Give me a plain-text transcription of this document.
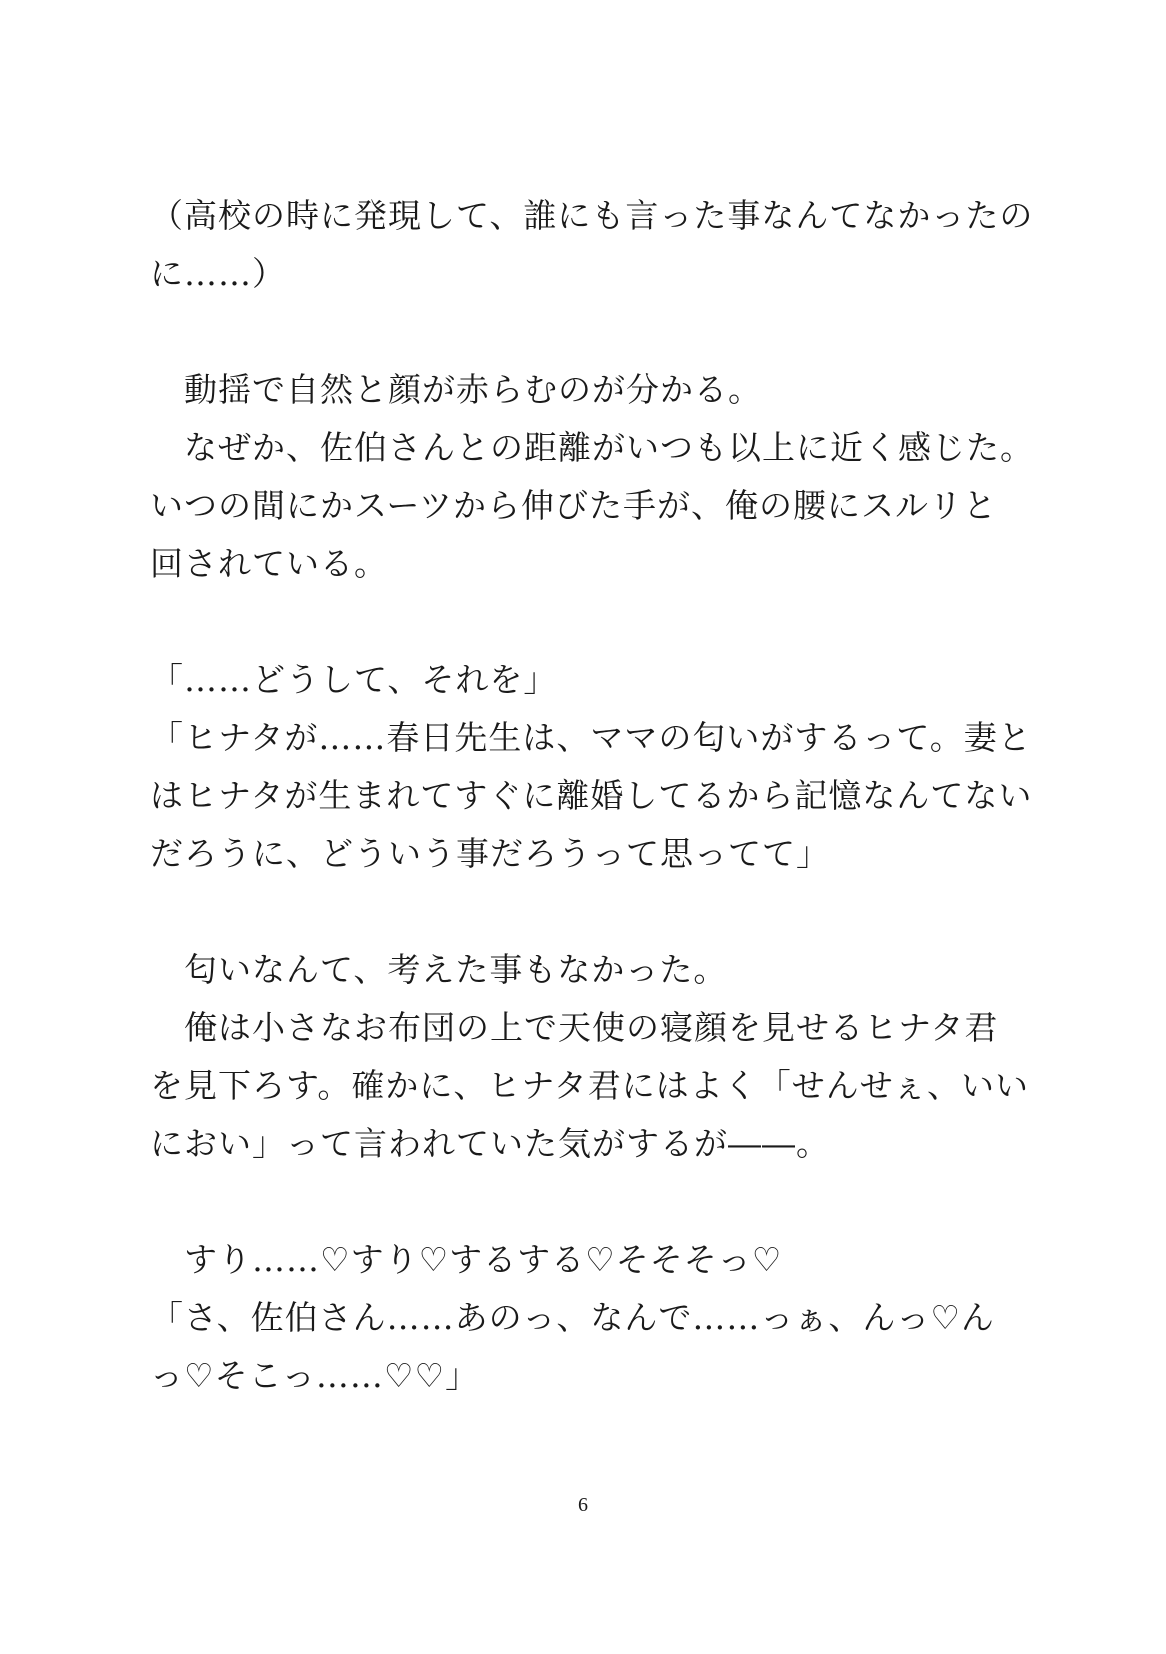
（高校の時に発現して、誰にも言った事なんてなかったの
に……）
　動揺で自然と顔が赤らむのが分かる。
　なぜか、佐伯さんとの距離がいつも以上に近く感じた。
いつの間にかスーツから伸びた手が、俺の腰にスルリと
回されている。
「……どうして、それを」
「ヒナタが……春日先生は、ママの匂いがするって。妻と
はヒナタが生まれてすぐに離婚してるから記憶なんてない
だろうに、どういう事だろうって思ってて」
　匂いなんて、考えた事もなかった。
　俺は小さなお布団の上で天使の寝顔を見せるヒナタ君
を見下ろす。確かに、ヒナタ君にはよく「せんせぇ、いい
におい」って言われていた気がするが――。
　すり……♡すり♡するする♡そそそっ♡
「さ、佐伯さん……あのっ、なんで……っぁ、んっ♡ん
っ♡そこっ……♡♡」
6
